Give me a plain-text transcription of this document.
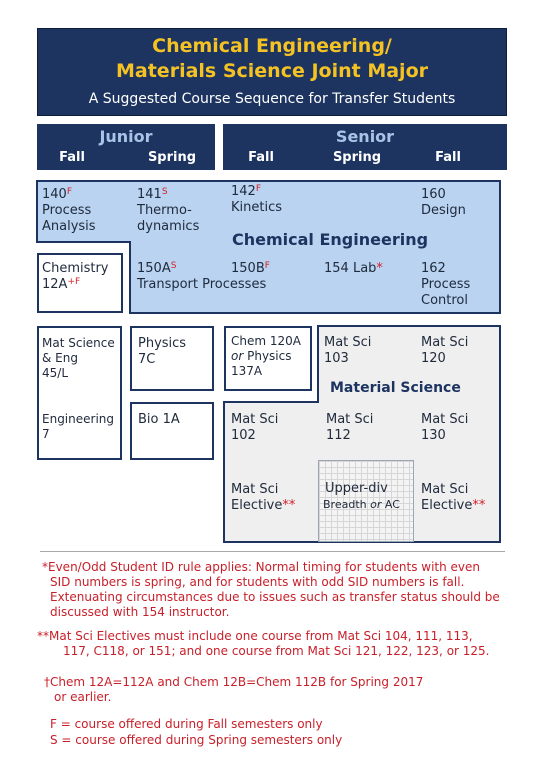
Chemical Engineering/
Materials Science Joint Major
A Suggested Course Sequence for Transfer Students
Junior
Fall	Spring
Senior
Fall	Spring	Fall
$140^F$
Process Analysis
$141^S$
Thermo-
dynamics
$142^F$
Kinetics
160
Design
Chemical Engineering
$150A^S$	$150B^F$
Transport Processes
154 Lab*	162
Process
Control
Chemistry
$12A^{+F}$
Mat Science
& Eng
45/L
Engineering
7
Physics
7C
Bio 1A
Chem 120A
or Physics
137A
Mat Sci
103
Mat Sci
120
Material Science
Mat Sci
102
Mat Sci
112
Mat Sci
130
Mat Sci
Elective**
Upper-div
Breadth or AC
Mat Sci
Elective**
*Even/Odd Student ID rule applies: Normal timing for students with even
SID numbers is spring, and for students with odd SID numbers is fall.
Extenuating circumstances due to issues such as transfer status should be
discussed with 154 instructor.
**Mat Sci Electives must include one course from Mat Sci 104, 111, 113,
117, C118, or 151; and one course from Mat Sci 121, 122, 123, or 125.
†Chem 12A=112A and Chem 12B=Chem 112B for Spring 2017
or earlier.
F = course offered during Fall semesters only
S = course offered during Spring semesters only
